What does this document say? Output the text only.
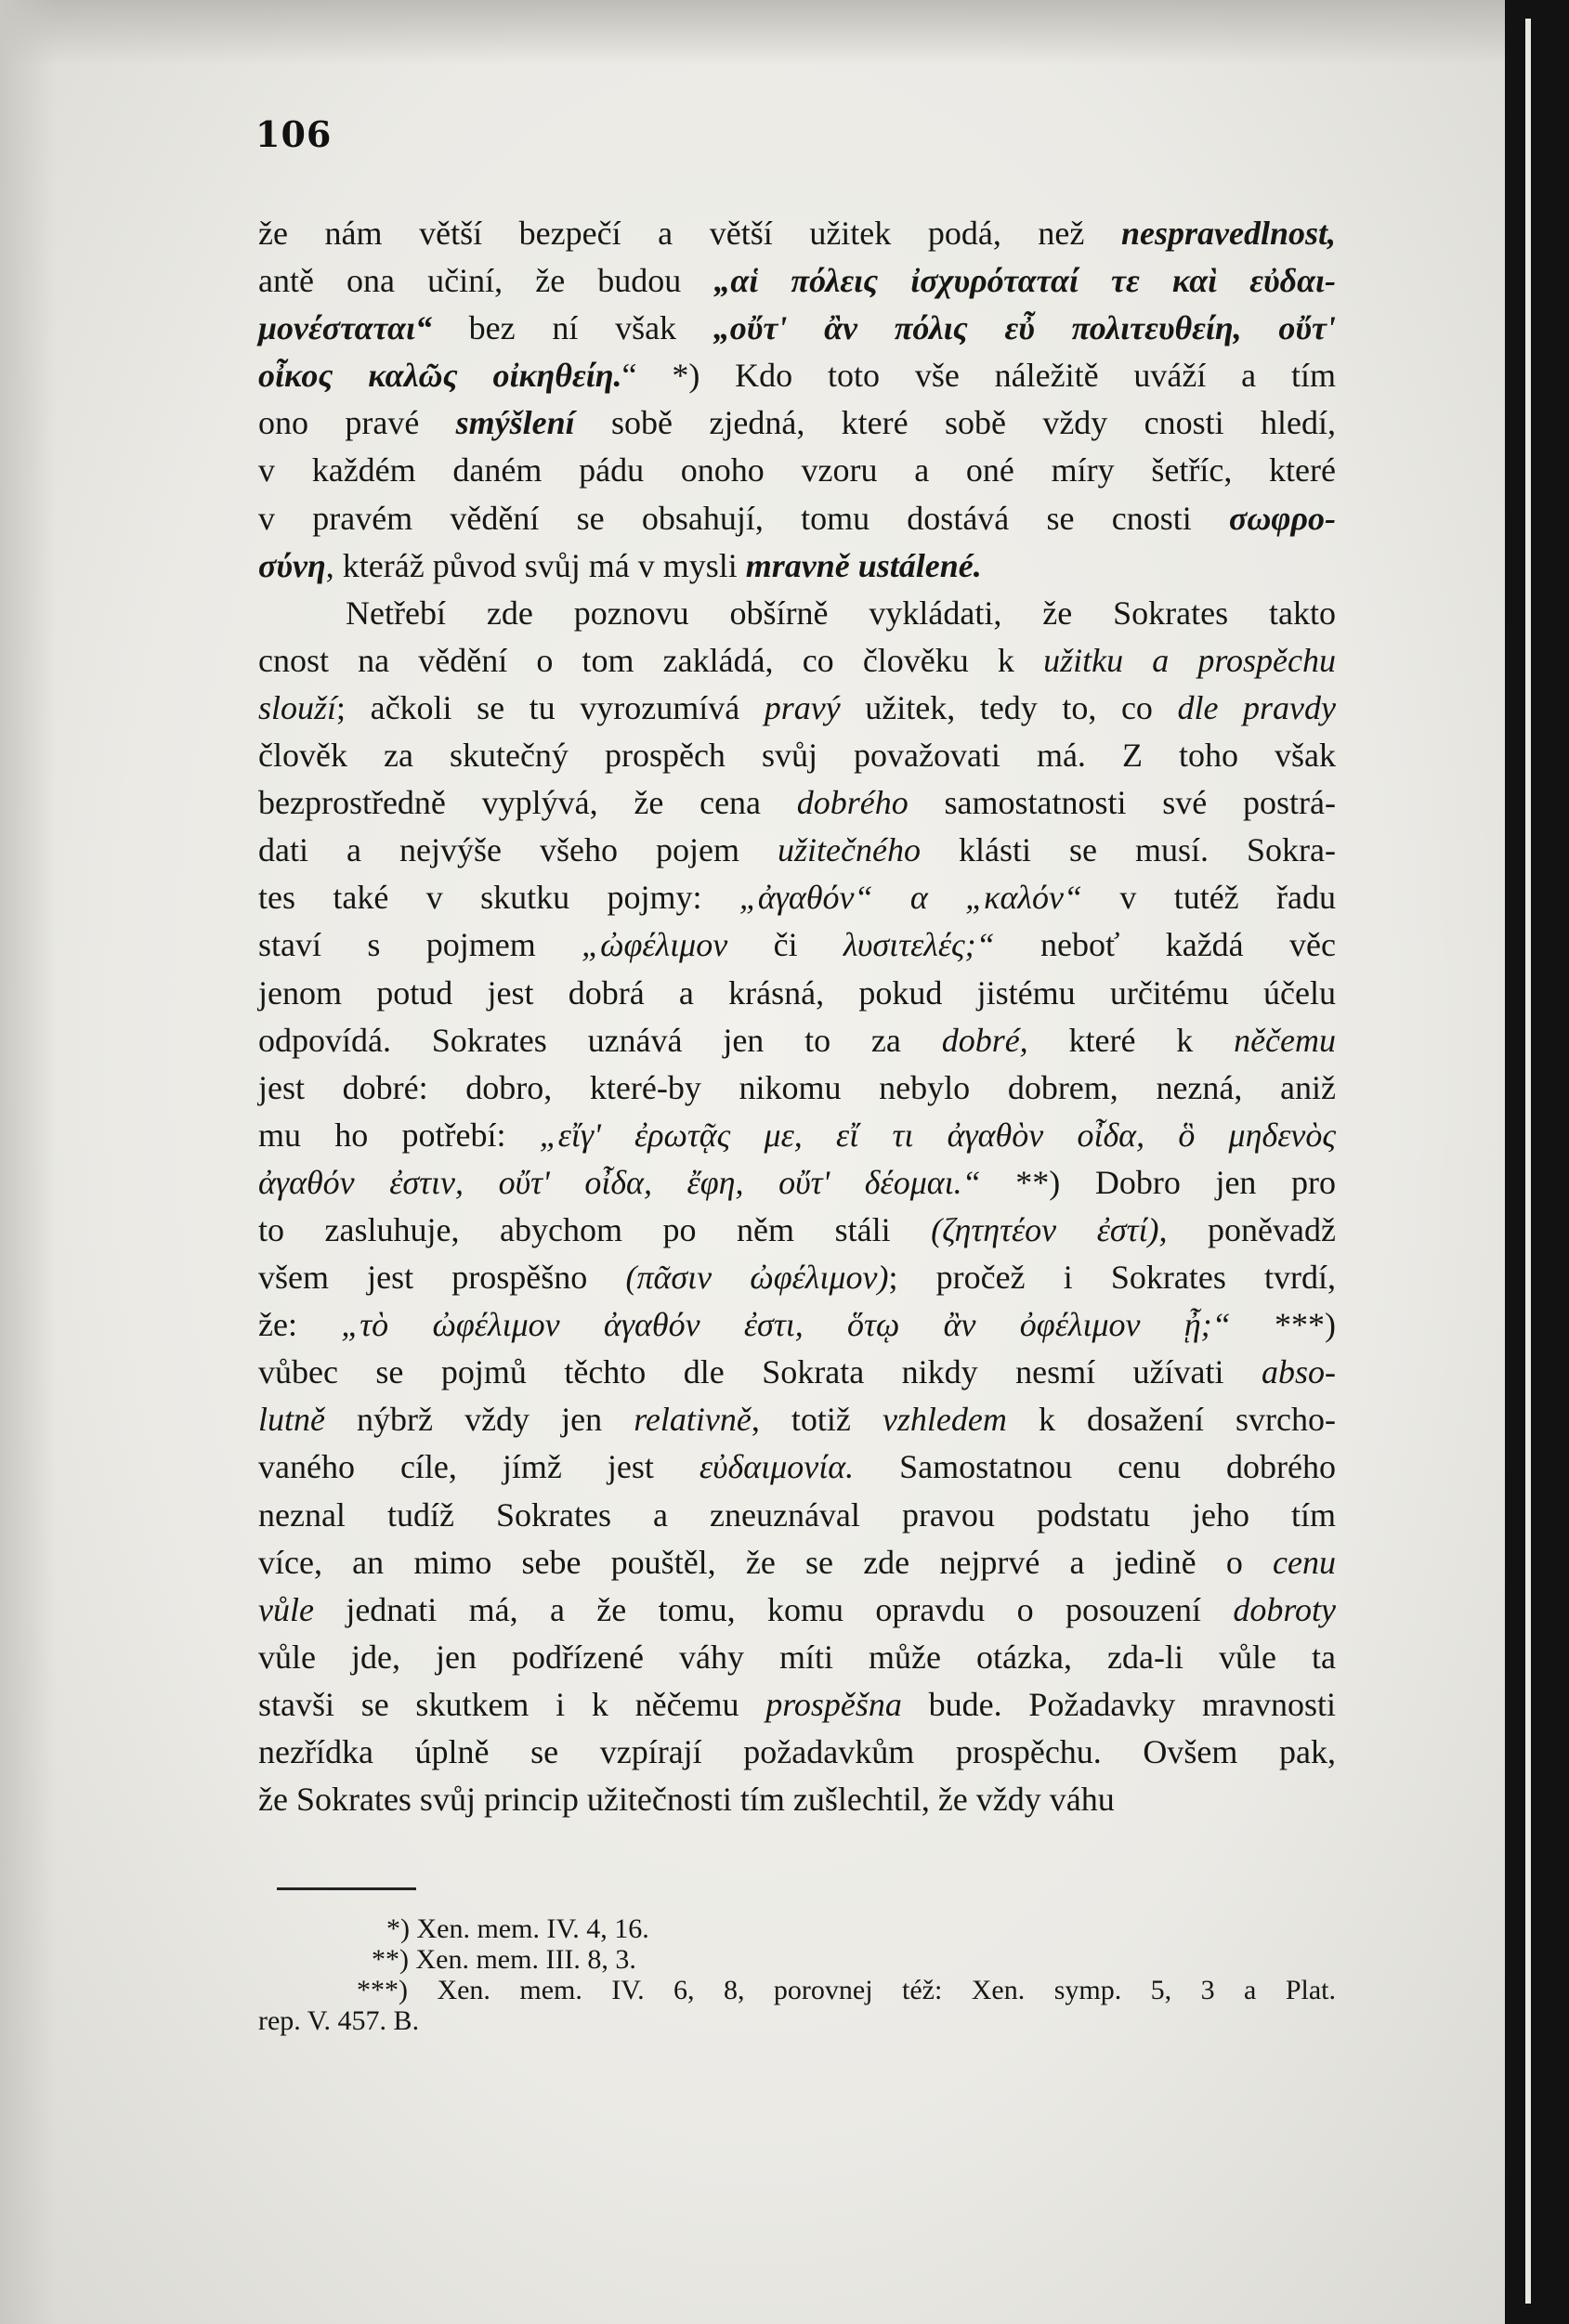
106
že nám větší bezpečí a větší užitek podá, než nespravedlnost,
antě ona učiní, že budou „αἱ πόλεις ἰσχυρόταταί τε καὶ εὐδαι-
μονέσταται“ bez ní však „οὔτ' ἂν πόλις εὖ πολιτευθείη, οὔτ'
οἶκος καλῶς οἰκηθείη.“ *) Kdo toto vše náležitě uváží a tím
ono pravé smýšlení sobě zjedná, které sobě vždy cnosti hledí,
v každém daném pádu onoho vzoru a oné míry šetříc, které
v pravém vědění se obsahují, tomu dostává se cnosti σωφρο-
σύνη, kteráž původ svůj má v mysli mravně ustálené.
Netřebí zde poznovu obšírně vykládati, že Sokrates takto
cnost na vědění o tom zakládá, co člověku k užitku a prospěchu
slouží; ačkoli se tu vyrozumívá pravý užitek, tedy to, co dle pravdy
člověk za skutečný prospěch svůj považovati má. Z toho však
bezprostředně vyplývá, že cena dobrého samostatnosti své postrá-
dati a nejvýše všeho pojem užitečného klásti se musí. Sokra-
tes také v skutku pojmy: „ἀγαθόν“ α „καλόν“ v tutéž řadu
staví s pojmem „ὠφέλιμον či λυσιτελές;“ neboť každá věc
jenom potud jest dobrá a krásná, pokud jistému určitému účelu
odpovídá. Sokrates uznává jen to za dobré, které k něčemu
jest dobré: dobro, které-by nikomu nebylo dobrem, nezná, aniž
mu ho potřebí: „εἴγ' ἐρωτᾷς με, εἴ τι ἀγαθὸν οἶδα, ὃ μηδενὸς
ἀγαθόν ἐστιν, οὔτ' οἶδα, ἔφη, οὔτ' δέομαι.“ **) Dobro jen pro
to zasluhuje, abychom po něm stáli (ζητητέον ἐστί), poněvadž
všem jest prospěšno (πᾶσιν ὠφέλιμον); pročež i Sokrates tvrdí,
že: „τὸ ὠφέλιμον ἀγαθόν ἐστι, ὅτῳ ἂν ὀφέλιμον ᾖ;“ ***)
vůbec se pojmů těchto dle Sokrata nikdy nesmí užívati abso-
lutně nýbrž vždy jen relativně, totiž vzhledem k dosažení svrcho-
vaného cíle, jímž jest εὐδαιμονία. Samostatnou cenu dobrého
neznal tudíž Sokrates a zneuznával pravou podstatu jeho tím
více, an mimo sebe pouštěl, že se zde nejprvé a jedině o cenu
vůle jednati má, a že tomu, komu opravdu o posouzení dobroty
vůle jde, jen podřízené váhy míti může otázka, zda-li vůle ta
stavši se skutkem i k něčemu prospěšna bude. Požadavky mravnosti
nezřídka úplně se vzpírají požadavkům prospěchu. Ovšem pak,
že Sokrates svůj princip užitečnosti tím zušlechtil, že vždy váhu
*) Xen. mem. IV. 4, 16.
**) Xen. mem. III. 8, 3.
***) Xen. mem. IV. 6, 8, porovnej též: Xen. symp. 5, 3 a Plat.
rep. V. 457. B.
